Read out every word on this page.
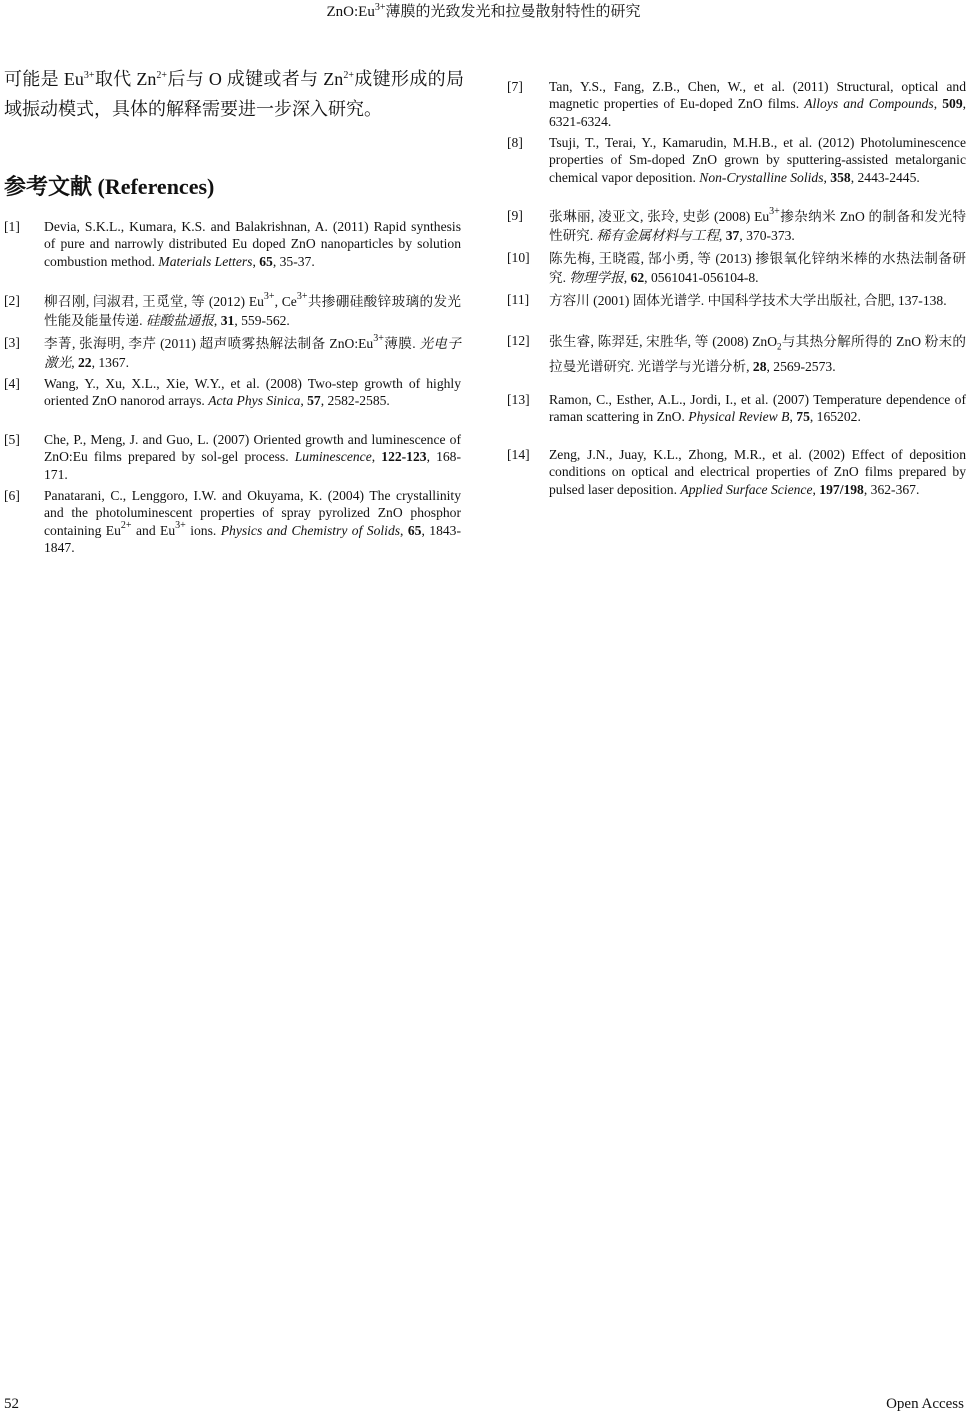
$ZnO:Eu^{3+}$薄膜的光致发光和拉曼散射特性的研究
可能是 $Eu^{3+}$取代 $Zn^{2+}$后与 O 成键或者与 $Zn^{2+}$成键形成的局域振动模式，具体的解释需要进一步深入研究。
参考文献 (References)
[1]	Devia, S.K.L., Kumara, K.S. and Balakrishnan, A. (2011) Rapid synthesis of pure and narrowly distributed Eu doped ZnO nanoparticles by solution combustion method. Materials Letters, 65, 35-37.
[2]	柳召刚, 闫淑君, 王觅堂, 等 (2012) $Eu^{3+}$, $Ce^{3+}$共掺硼硅酸锌玻璃的发光性能及能量传递. 硅酸盐通报, 31, 559-562.
[3]	李菁, 张海明, 李芹 (2011) 超声喷雾热解法制备 $ZnO:Eu^{3+}$薄膜. 光电子激光, 22, 1367.
[4]	Wang, Y., Xu, X.L., Xie, W.Y., et al. (2008) Two-step growth of highly oriented ZnO nanorod arrays. Acta Phys Sinica, 57, 2582-2585.
[5]	Che, P., Meng, J. and Guo, L. (2007) Oriented growth and luminescence of ZnO:Eu films prepared by sol-gel process. Luminescence, 122-123, 168-171.
[6]	Panatarani, C., Lenggoro, I.W. and Okuyama, K. (2004) The crystallinity and the photoluminescent properties of spray pyrolized ZnO phosphor containing $Eu^{2+}$ and $Eu^{3+}$ ions. Physics and Chemistry of Solids, 65, 1843-1847.
[7]	Tan, Y.S., Fang, Z.B., Chen, W., et al. (2011) Structural, optical and magnetic properties of Eu-doped ZnO films. Alloys and Compounds, 509, 6321-6324.
[8]	Tsuji, T., Terai, Y., Kamarudin, M.H.B., et al. (2012) Photoluminescence properties of Sm-doped ZnO grown by sputtering-assisted metalorganic chemical vapor deposition. Non-Crystalline Solids, 358, 2443-2445.
[9]	张琳丽, 凌亚文, 张玲, 史彭 (2008) $Eu^{3+}$掺杂纳米 ZnO 的制备和发光特性研究. 稀有金属材料与工程, 37, 370-373.
[10]	陈先梅, 王晓霞, 郜小勇, 等 (2013) 掺银氧化锌纳米棒的水热法制备研究. 物理学报, 62, 0561041-056104-8.
[11]	方容川 (2001) 固体光谱学. 中国科学技术大学出版社, 合肥, 137-138.
[12]	张生睿, 陈羿廷, 宋胜华, 等 (2008) ZnO$_2$与其热分解所得的 ZnO 粉末的拉曼光谱研究. 光谱学与光谱分析, 28, 2569-2573.
[13]	Ramon, C., Esther, A.L., Jordi, I., et al. (2007) Temperature dependence of raman scattering in ZnO. Physical Review B, 75, 165202.
[14]	Zeng, J.N., Juay, K.L., Zhong, M.R., et al. (2002) Effect of deposition conditions on optical and electrical properties of ZnO films prepared by pulsed laser deposition. Applied Surface Science, 197/198, 362-367.
52	Open Access
